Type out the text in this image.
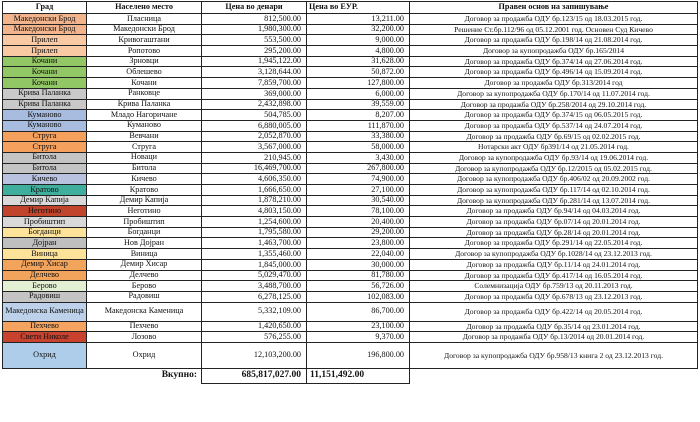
Град	Населено место	Цена во денари	Цена во EУР.	Правен основ на запишување
Македонски Брод	Пласница	812,500.00	13,211.00	Договор за продажба ОДУ бр.123/15 од 18.03.2015 год.
Македонски Брод	Македонски Брод	1,980,300.00	32,200.00	Решение Ст.бр.112/96 од 05.12.2001 год. Основен Суд Кичево
Прилеп	Кривогаштани	553,500.00	9,000.00	Договор за продажба ОДУ бр.198/14 од 21.08.2014 год.
Прилеп	Ропотово	295,200.00	4,800.00	Договор за купопродажба ОДУ бр.165/2014
Кочани	Зрновци	1,945,122.00	31,628.00	Договор за продажба ОДУ бр.374/14 од 27.06.2014 год.
Кочани	Облешево	3,128,644.00	50,872.00	Договор за продажба ОДУ бр.496/14 од 15.09.2014 год.
Кочани	Кочани	7,859,700.00	127,800.00	Договор за продажба ОДУ бр.313/2014 год
Крива Паланка	Ранковце	369,000.00	6,000.00	Договор за купопродажба ОДУ бр.170/14 од 11.07.2014 год.
Крива Паланка	Крива Паланка	2,432,898.00	39,559.00	Договор за продажба ОДУ бр.258/2014 од 29.10.2014 год.
Куманово	Младо Нагоричане	504,785.00	8,207.00	Договор за продажба ОДУ бр.374/15 од 06.05.2015 год.
Куманово	Куманово	6,880,005.00	111,870.00	Договор за продажба ОДУ бр.537/14 од 24.07.2014 год.
Струга	Вевчани	2,052,870.00	33,380.00	Договор за продажба ОДУ бр.69/15 од 02.02.2015 год.
Струга	Струга	3,567,000.00	58,000.00	Нотарски акт ОДУ бр391/14 од 21.05.2014 год.
Битола	Новаци	210,945.00	3,430.00	Договор за купопродажба ОДУ бр.93/14 од 19.06.2014 год.
Битола	Битола	16,469,700.00	267,800.00	Договор за купопродажба ОДУ бр.12/2015 од 05.02.2015 год.
Кичево	Кичево	4,606,350.00	74,900.00	Договор за купопродажба ОДУ бр.406/02 од 20.09.2002 год.
Кратово	Кратово	1,666,650.00	27,100.00	Договор за купопродажба ОДУ бр.117/14 од 02.10.2014 год.
Демир Капија	Демир Капија	1,878,210.00	30,540.00	Договор за купопродажба ОДУ бр.281/14 од 13.07.2014 год.
Неготино	Неготино	4,803,150.00	78,100.00	Договор за продажба ОДУ бр.94/14 од 04.03.2014 год.
Пробиштип	Пробиштип	1,254,600.00	20,400.00	Договор за продажба ОДУ бр.07/14 од 20.01.2014 год.
Богданци	Богданци	1,795,580.00	29,200.00	Договор за продажба ОДУ бр.28/14 од 20.01.2014 год.
Дојран	Нов Дојран	1,463,700.00	23,800.00	Договор за продажба ОДУ бр.291/14 од 22.05.2014 год.
Виница	Виница	1,355,460.00	22,040.00	Договор за купопродажба ОДУ бр.1028/14 од 23.12.2013 год.
Демир Хисар	Демир Хисар	1,845,000.00	30,000.00	Договор за продажба ОДУ бр.11/14 од 24.01.2014 год.
Делчево	Делчево	5,029,470.00	81,780.00	Договор за продажба ОДУ бр.417/14 од 16.05.2014 год.
Берово	Берово	3,488,700.00	56,726.00	Солемнизација ОДУ бр.759/13 од 20.11.2013 год.
Радовиш	Радовиш	6,278,125.00	102,083.00	Договор за продажба ОДУ бр.678/13 од 23.12.2013 год.
Македонска Каменица	Македонска Каменица	5,332,109.00	86,700.00	Договор за продажба ОДУ бр.422/14 од 20.05.2014 год.
Пехчево	Пехчево	1,420,650.00	23,100.00	Договор за продажба ОДУ бр.35/14 од 23.01.2014 год.
Свети Николе	Лозово	576,255.00	9,370.00	Договор за продажба ОДУ бр.13/2014 од 20.01.2014 год.
Охрид	Охрид	12,103,200.00	196,800.00	Договор за купопродажба ОДУ бр.958/13 книга 2 од 23.12.2013 год.
	Вкупно:	685,817,027.00	11,151,492.00	
